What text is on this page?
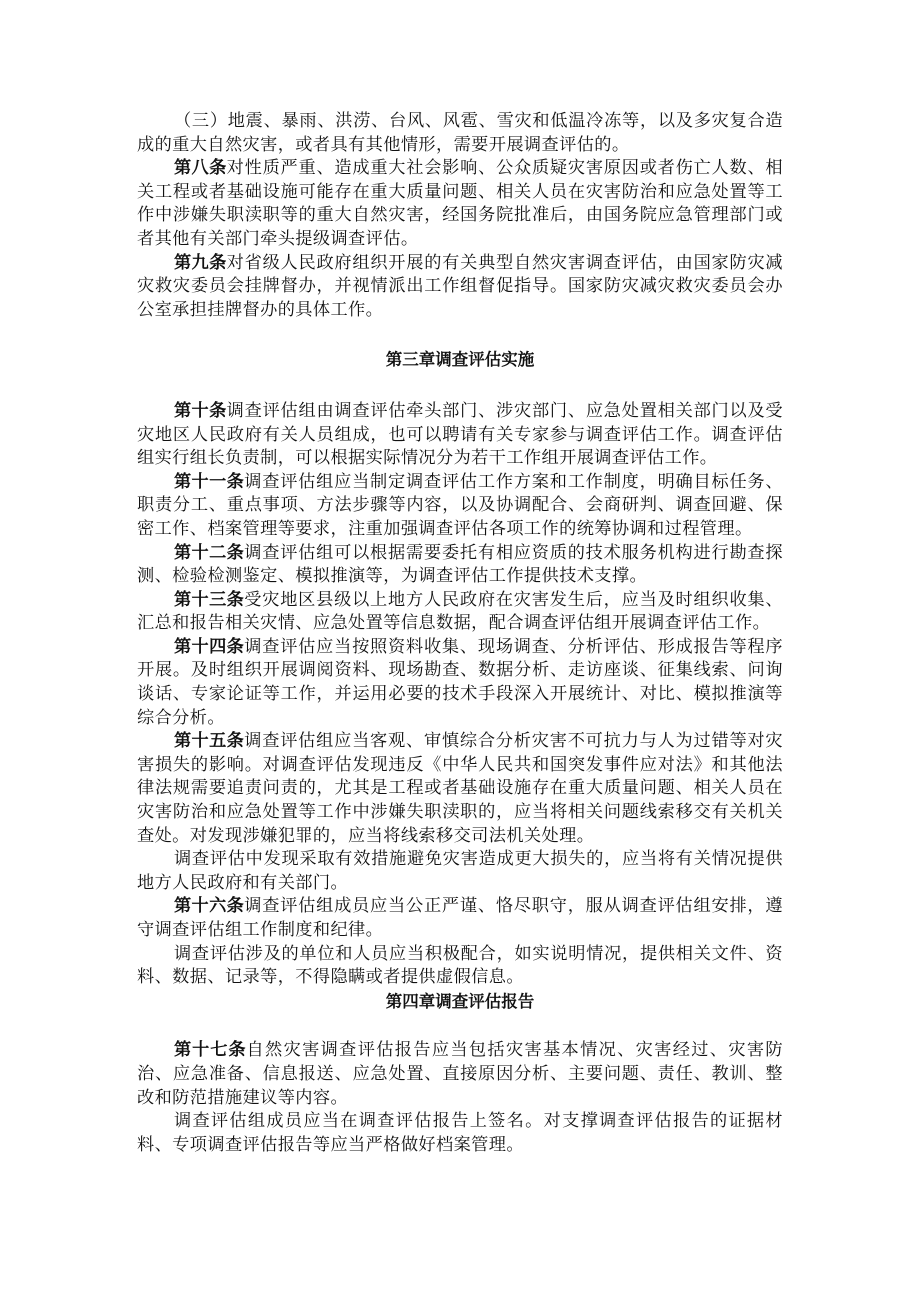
（三）地震、暴雨、洪涝、台风、风雹、雪灾和低温冷冻等，以及多灾复合造成的重大自然灾害，或者具有其他情形，需要开展调查评估的。

第八条对性质严重、造成重大社会影响、公众质疑灾害原因或者伤亡人数、相关工程或者基础设施可能存在重大质量问题、相关人员在灾害防治和应急处置等工作中涉嫌失职渎职等的重大自然灾害，经国务院批准后，由国务院应急管理部门或者其他有关部门牵头提级调查评估。

第九条对省级人民政府组织开展的有关典型自然灾害调查评估，由国家防灾减灾救灾委员会挂牌督办，并视情派出工作组督促指导。国家防灾减灾救灾委员会办公室承担挂牌督办的具体工作。

第三章调查评估实施

第十条调查评估组由调查评估牵头部门、涉灾部门、应急处置相关部门以及受灾地区人民政府有关人员组成，也可以聘请有关专家参与调查评估工作。调查评估组实行组长负责制，可以根据实际情况分为若干工作组开展调查评估工作。

第十一条调查评估组应当制定调查评估工作方案和工作制度，明确目标任务、职责分工、重点事项、方法步骤等内容，以及协调配合、会商研判、调查回避、保密工作、档案管理等要求，注重加强调查评估各项工作的统筹协调和过程管理。

第十二条调查评估组可以根据需要委托有相应资质的技术服务机构进行勘查探测、检验检测鉴定、模拟推演等，为调查评估工作提供技术支撑。

第十三条受灾地区县级以上地方人民政府在灾害发生后，应当及时组织收集、汇总和报告相关灾情、应急处置等信息数据，配合调查评估组开展调查评估工作。

第十四条调查评估应当按照资料收集、现场调查、分析评估、形成报告等程序开展。及时组织开展调阅资料、现场勘查、数据分析、走访座谈、征集线索、问询谈话、专家论证等工作，并运用必要的技术手段深入开展统计、对比、模拟推演等综合分析。

第十五条调查评估组应当客观、审慎综合分析灾害不可抗力与人为过错等对灾害损失的影响。对调查评估发现违反《中华人民共和国突发事件应对法》和其他法律法规需要追责问责的，尤其是工程或者基础设施存在重大质量问题、相关人员在灾害防治和应急处置等工作中涉嫌失职渎职的，应当将相关问题线索移交有关机关查处。对发现涉嫌犯罪的，应当将线索移交司法机关处理。

调查评估中发现采取有效措施避免灾害造成更大损失的，应当将有关情况提供地方人民政府和有关部门。

第十六条调查评估组成员应当公正严谨、恪尽职守，服从调查评估组安排，遵守调查评估组工作制度和纪律。

调查评估涉及的单位和人员应当积极配合，如实说明情况，提供相关文件、资料、数据、记录等，不得隐瞒或者提供虚假信息。

第四章调查评估报告

第十七条自然灾害调查评估报告应当包括灾害基本情况、灾害经过、灾害防治、应急准备、信息报送、应急处置、直接原因分析、主要问题、责任、教训、整改和防范措施建议等内容。

调查评估组成员应当在调查评估报告上签名。对支撑调查评估报告的证据材料、专项调查评估报告等应当严格做好档案管理。
